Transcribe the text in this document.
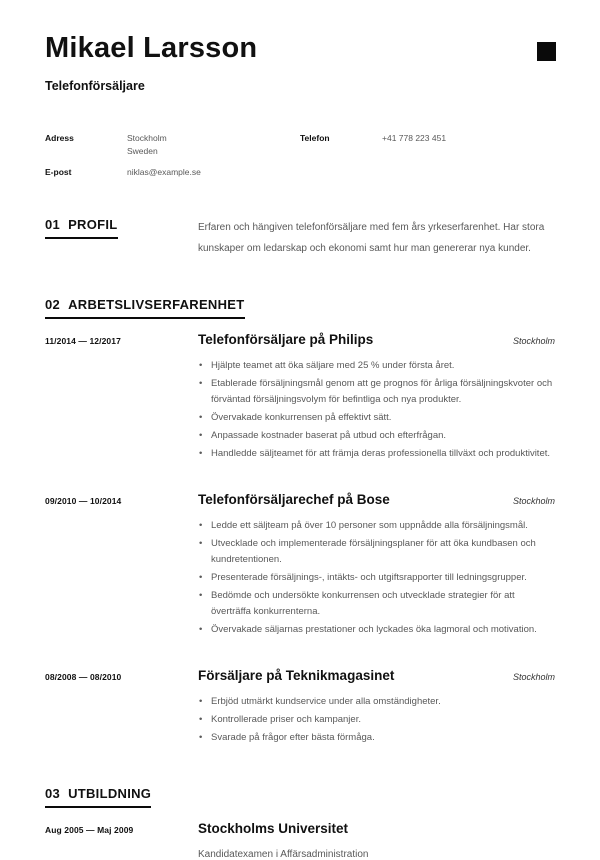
Mikael Larsson
Telefonförsäljare
Adress	Stockholm
Sweden
Telefon	+41 778 223 451
E-post	niklas@example.se
01 PROFIL	Erfaren och hängiven telefonförsäljare med fem års yrkeserfarenhet. Har stora kunskaper om ledarskap och ekonomi samt hur man genererar nya kunder.
02 ARBETSLIVSERFARENHET
11/2014 — 12/2017	Telefonförsäljare på Philips	Stockholm
• Hjälpte teamet att öka säljare med 25 % under första året.
• Etablerade försäljningsmål genom att ge prognos för årliga försäljningskvoter och förväntad försäljningsvolym för befintliga och nya produkter.
• Övervakade konkurrensen på effektivt sätt.
• Anpassade kostnader baserat på utbud och efterfrågan.
• Handledde säljteamet för att främja deras professionella tillväxt och produktivitet.
09/2010 — 10/2014	Telefonförsäljarechef på Bose	Stockholm
• Ledde ett säljteam på över 10 personer som uppnådde alla försäljningsmål.
• Utvecklade och implementerade försäljningsplaner för att öka kundbasen och kundretentionen.
• Presenterade försäljnings-, intäkts- och utgiftsrapporter till ledningsgrupper.
• Bedömde och undersökte konkurrensen och utvecklade strategier för att överträffa konkurrenterna.
• Övervakade säljarnas prestationer och lyckades öka lagmoral och motivation.
08/2008 — 08/2010	Försäljare på Teknikmagasinet	Stockholm
• Erbjöd utmärkt kundservice under alla omständigheter.
• Kontrollerade priser och kampanjer.
• Svarade på frågor efter bästa förmåga.
03 UTBILDNING
Aug 2005 — Maj 2009	Stockholms Universitet
Kandidatexamen i Affärsadministration
